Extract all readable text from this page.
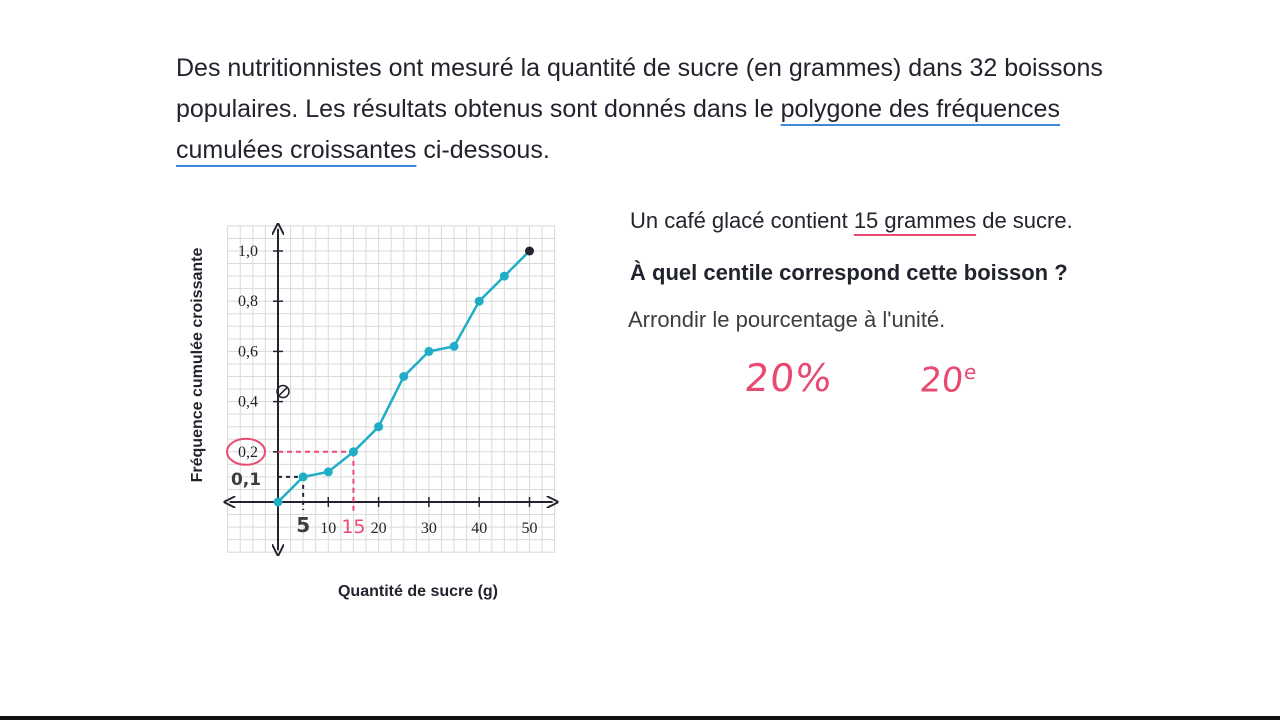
Des nutritionnistes ont mesuré la quantité de sucre (en grammes) dans 32 boissons populaires. Les résultats obtenus sont donnés dans le polygone des fréquences cumulées croissantes ci-dessous.

10 20 30 40 50
0,2
0,4
0,6
0,8
1,0
0,1
5 15
Fréquence cumulée croissante
Quantité de sucre (g)
Un café glacé contient 15 grammes de sucre.
À quel centile correspond cette boisson ?
Arrondir le pourcentage à l'unité.
20% 20e
